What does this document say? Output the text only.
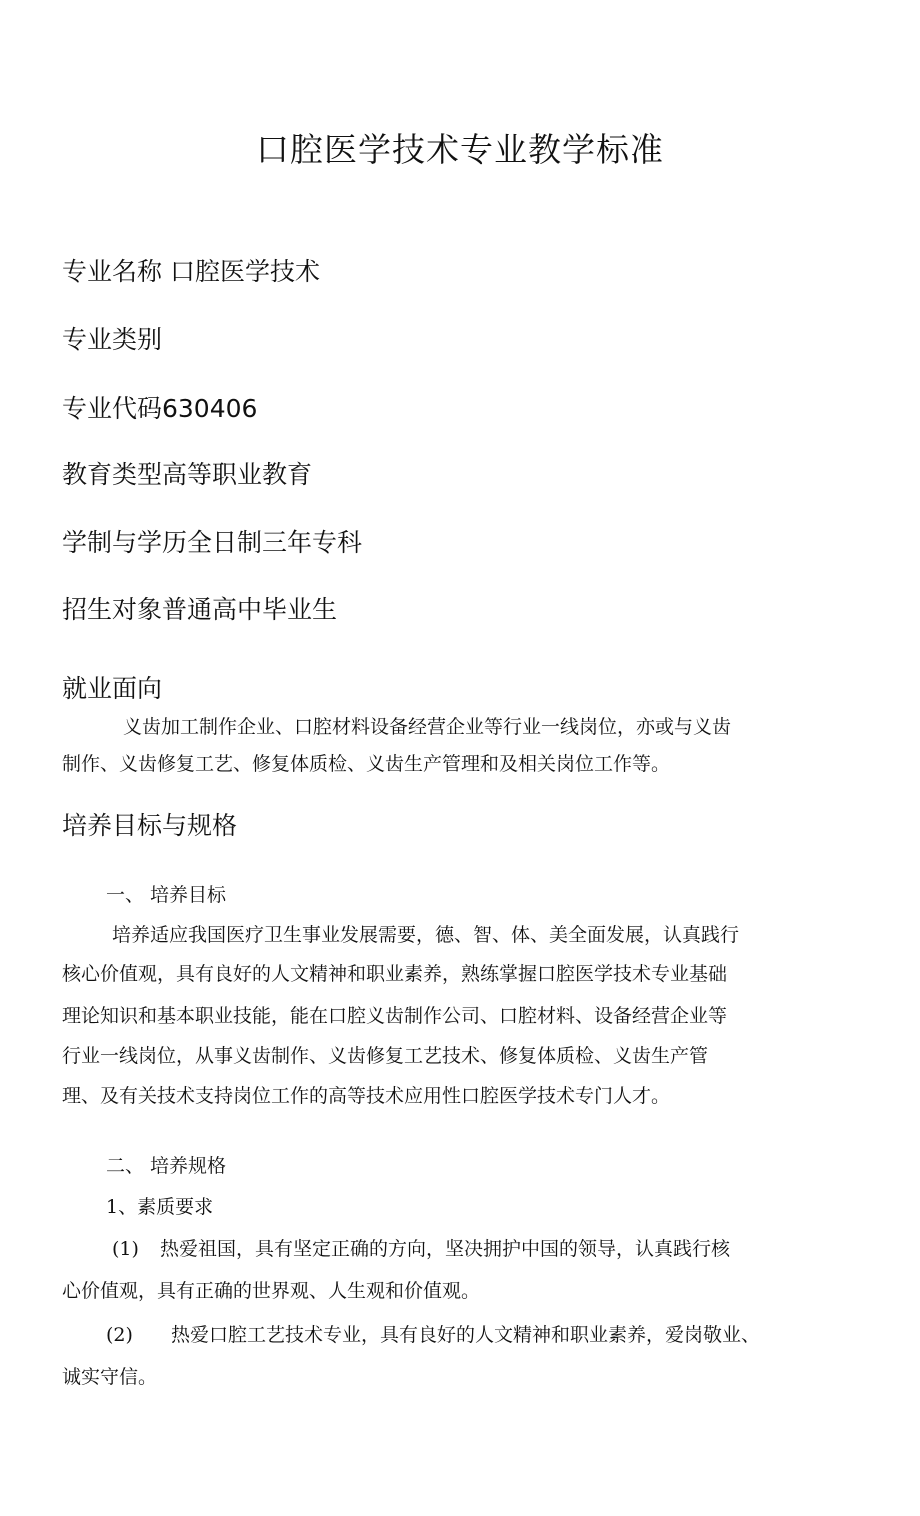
口腔医学技术专业教学标准
专业名称 口腔医学技术
专业类别
专业代码630406
教育类型高等职业教育
学制与学历全日制三年专科
招生对象普通高中毕业生
就业面向
义齿加工制作企业、口腔材料设备经营企业等行业一线岗位，亦或与义齿
制作、义齿修复工艺、修复体质检、义齿生产管理和及相关岗位工作等。
培养目标与规格
一、 培养目标
培养适应我国医疗卫生事业发展需要，德、智、体、美全面发展，认真践行
核心价值观，具有良好的人文精神和职业素养，熟练掌握口腔医学技术专业基础
理论知识和基本职业技能，能在口腔义齿制作公司、口腔材料、设备经营企业等
行业一线岗位，从事义齿制作、义齿修复工艺技术、修复体质检、义齿生产管
理、及有关技术支持岗位工作的高等技术应用性口腔医学技术专门人才。
二、 培养规格
1、素质要求
(1) 热爱祖国，具有坚定正确的方向，坚决拥护中国的领导，认真践行核
心价值观，具有正确的世界观、人生观和价值观。
(2) 热爱口腔工艺技术专业，具有良好的人文精神和职业素养，爱岗敬业、
诚实守信。
